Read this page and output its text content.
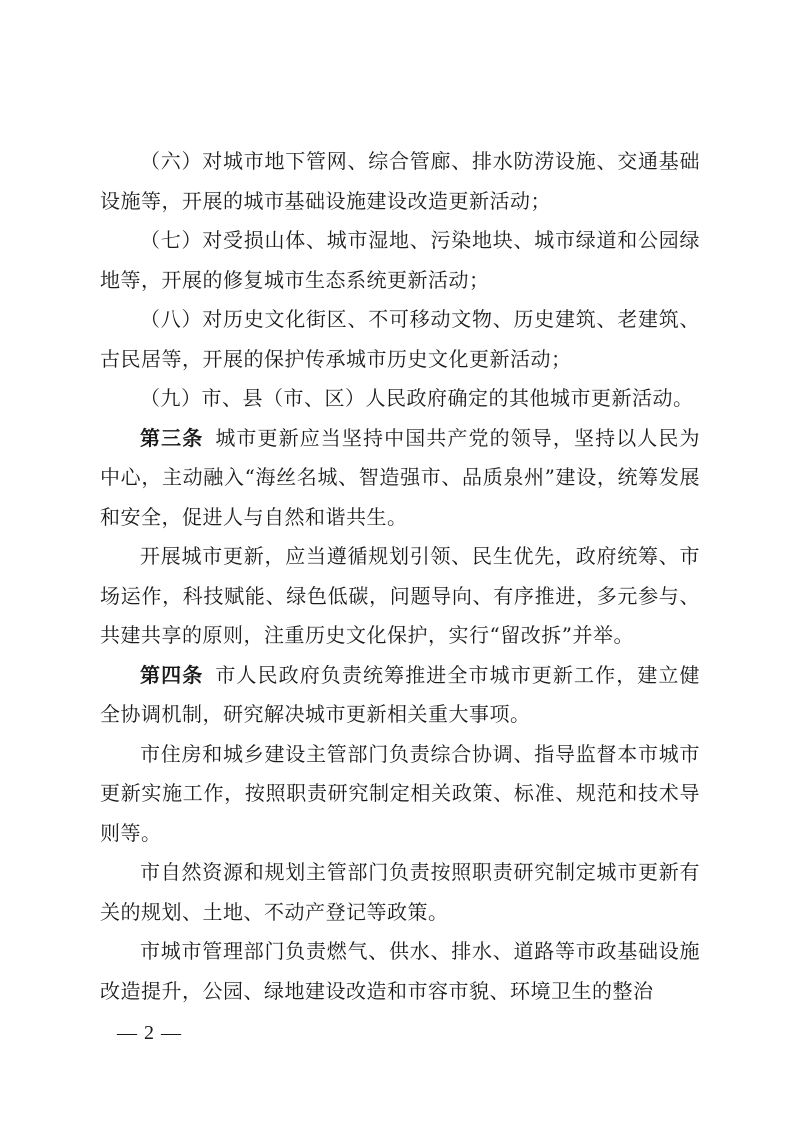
（六）对城市地下管网、综合管廊、排水防涝设施、交通基础设施等，开展的城市基础设施建设改造更新活动；

（七）对受损山体、城市湿地、污染地块、城市绿道和公园绿地等，开展的修复城市生态系统更新活动；

（八）对历史文化街区、不可移动文物、历史建筑、老建筑、古民居等，开展的保护传承城市历史文化更新活动；

（九）市、县（市、区）人民政府确定的其他城市更新活动。

第三条 城市更新应当坚持中国共产党的领导，坚持以人民为中心，主动融入“海丝名城、智造强市、品质泉州”建设，统筹发展和安全，促进人与自然和谐共生。

开展城市更新，应当遵循规划引领、民生优先，政府统筹、市场运作，科技赋能、绿色低碳，问题导向、有序推进，多元参与、共建共享的原则，注重历史文化保护，实行“留改拆”并举。

第四条 市人民政府负责统筹推进全市城市更新工作，建立健全协调机制，研究解决城市更新相关重大事项。

市住房和城乡建设主管部门负责综合协调、指导监督本市城市更新实施工作，按照职责研究制定相关政策、标准、规范和技术导则等。

市自然资源和规划主管部门负责按照职责研究制定城市更新有关的规划、土地、不动产登记等政策。

市城市管理部门负责燃气、供水、排水、道路等市政基础设施改造提升，公园、绿地建设改造和市容市貌、环境卫生的整治

— 2 —
